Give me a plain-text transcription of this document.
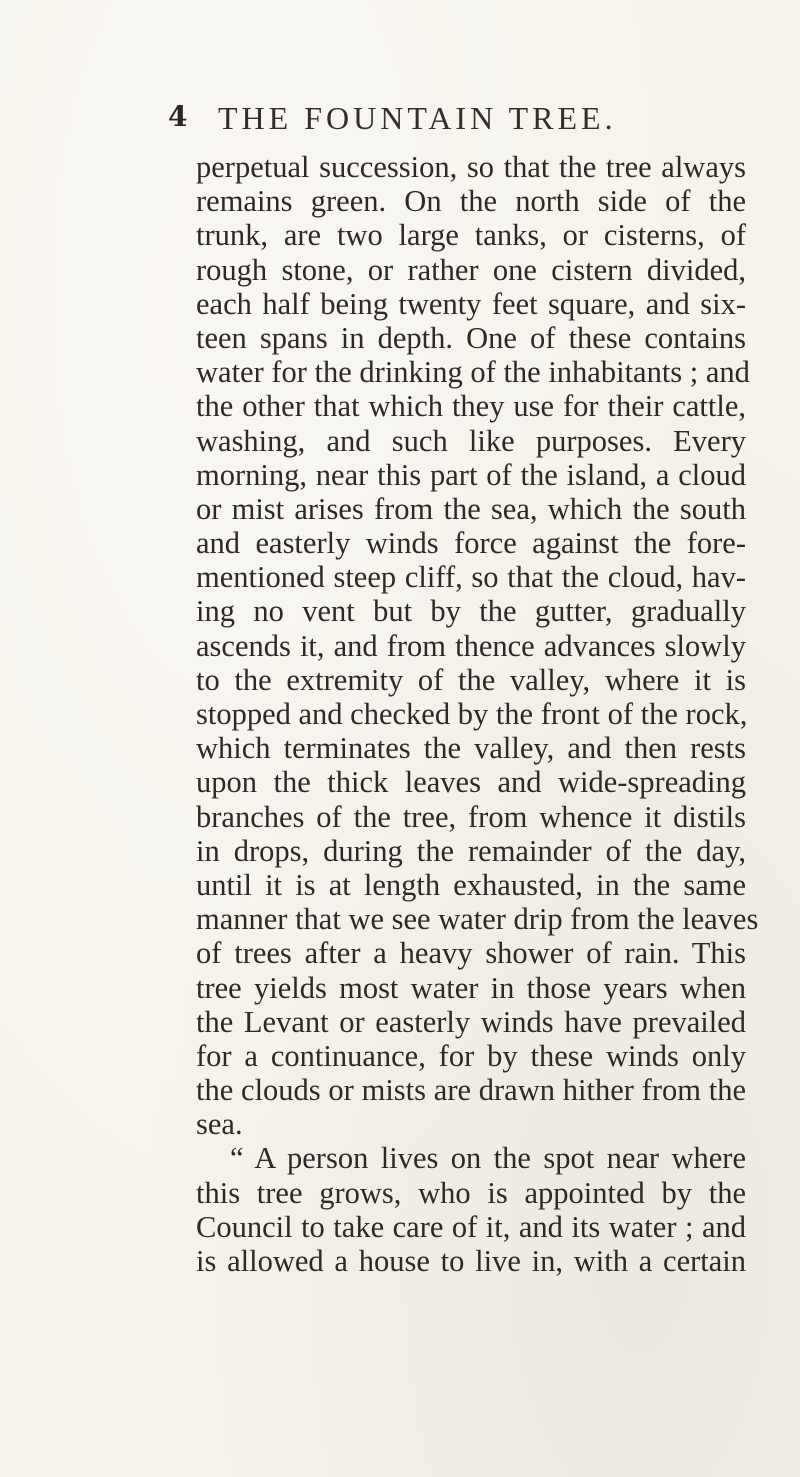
4 THE FOUNTAIN TREE.
perpetual succession, so that the tree always
remains green. On the north side of the
trunk, are two large tanks, or cisterns, of
rough stone, or rather one cistern divided,
each half being twenty feet square, and six-
teen spans in depth. One of these contains
water for the drinking of the inhabitants ; and
the other that which they use for their cattle,
washing, and such like purposes. Every
morning, near this part of the island, a cloud
or mist arises from the sea, which the south
and easterly winds force against the fore-
mentioned steep cliff, so that the cloud, hav-
ing no vent but by the gutter, gradually
ascends it, and from thence advances slowly
to the extremity of the valley, where it is
stopped and checked by the front of the rock,
which terminates the valley, and then rests
upon the thick leaves and wide-spreading
branches of the tree, from whence it distils
in drops, during the remainder of the day,
until it is at length exhausted, in the same
manner that we see water drip from the leaves
of trees after a heavy shower of rain. This
tree yields most water in those years when
the Levant or easterly winds have prevailed
for a continuance, for by these winds only
the clouds or mists are drawn hither from the
sea.
“ A person lives on the spot near where
this tree grows, who is appointed by the
Council to take care of it, and its water ; and
is allowed a house to live in, with a certain
